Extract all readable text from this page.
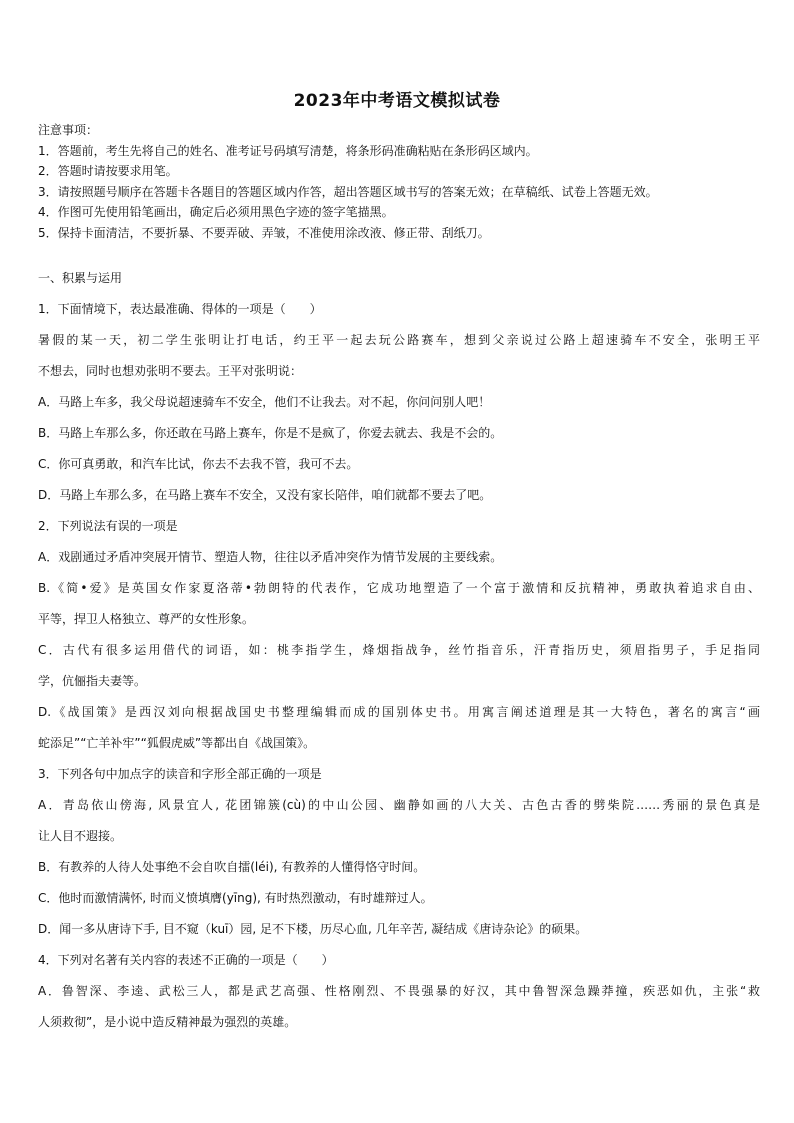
2023年中考语文模拟试卷
注意事项：
1．答题前，考生先将自己的姓名、准考证号码填写清楚，将条形码准确粘贴在条形码区域内。
2．答题时请按要求用笔。
3．请按照题号顺序在答题卡各题目的答题区域内作答，超出答题区域书写的答案无效；在草稿纸、试卷上答题无效。
4．作图可先使用铅笔画出，确定后必须用黑色字迹的签字笔描黑。
5．保持卡面清洁，不要折暴、不要弄破、弄皱，不准使用涂改液、修正带、刮纸刀。
一、积累与运用
1．下面情境下，表达最准确、得体的一项是（　　）
暑假的某一天，初二学生张明让打电话，约王平一起去玩公路赛车，想到父亲说过公路上超速骑车不安全，张明王平
不想去，同时也想劝张明不要去。王平对张明说：
A．马路上车多，我父母说超速骑车不安全，他们不让我去。对不起，你问问别人吧！
B．马路上车那么多，你还敢在马路上赛车，你是不是疯了，你爱去就去、我是不会的。
C．你可真勇敢，和汽车比试，你去不去我不管，我可不去。
D．马路上车那么多，在马路上赛车不安全，又没有家长陪伴，咱们就都不要去了吧。
2．下列说法有误的一项是
A．戏剧通过矛盾冲突展开情节、塑造人物，往往以矛盾冲突作为情节发展的主要线索。
B.《简•爱》是英国女作家夏洛蒂•勃朗特的代表作，它成功地塑造了一个富于激情和反抗精神，勇敢执着追求自由、
平等，捍卫人格独立、尊严的女性形象。
C．古代有很多运用借代的词语，如：桃李指学生，烽烟指战争，丝竹指音乐，汗青指历史，须眉指男子，手足指同
学，伉俪指夫妻等。
D.《战国策》是西汉刘向根据战国史书整理编辑而成的国别体史书。用寓言阐述道理是其一大特色，著名的寓言“画
蛇添足”“亡羊补牢”“狐假虎威”等都出自《战国策》。
3．下列各句中加点字的读音和字形全部正确的一项是
A．青岛依山傍海, 风景宜人, 花团锦簇(cù)的中山公园、幽静如画的八大关、古色古香的劈柴院……秀丽的景色真是
让人目不遐接。
B．有教养的人待人处事绝不会自吹自擂(léi), 有教养的人懂得恪守时间。
C．他时而激情满怀, 时而义愤填膺(yīng), 有时热烈激动，有时雄辩过人。
D．闻一多从唐诗下手, 目不窥（kuī）园, 足不下楼，历尽心血, 几年辛苦, 凝结成《唐诗杂论》的硕果。
4．下列对名著有关内容的表述不正确的一项是（　　）
A．鲁智深、李逵、武松三人，都是武艺高强、性格刚烈、不畏强暴的好汉，其中鲁智深急躁莽撞，疾恶如仇，主张“救
人须救彻”，是小说中造反精神最为强烈的英雄。
